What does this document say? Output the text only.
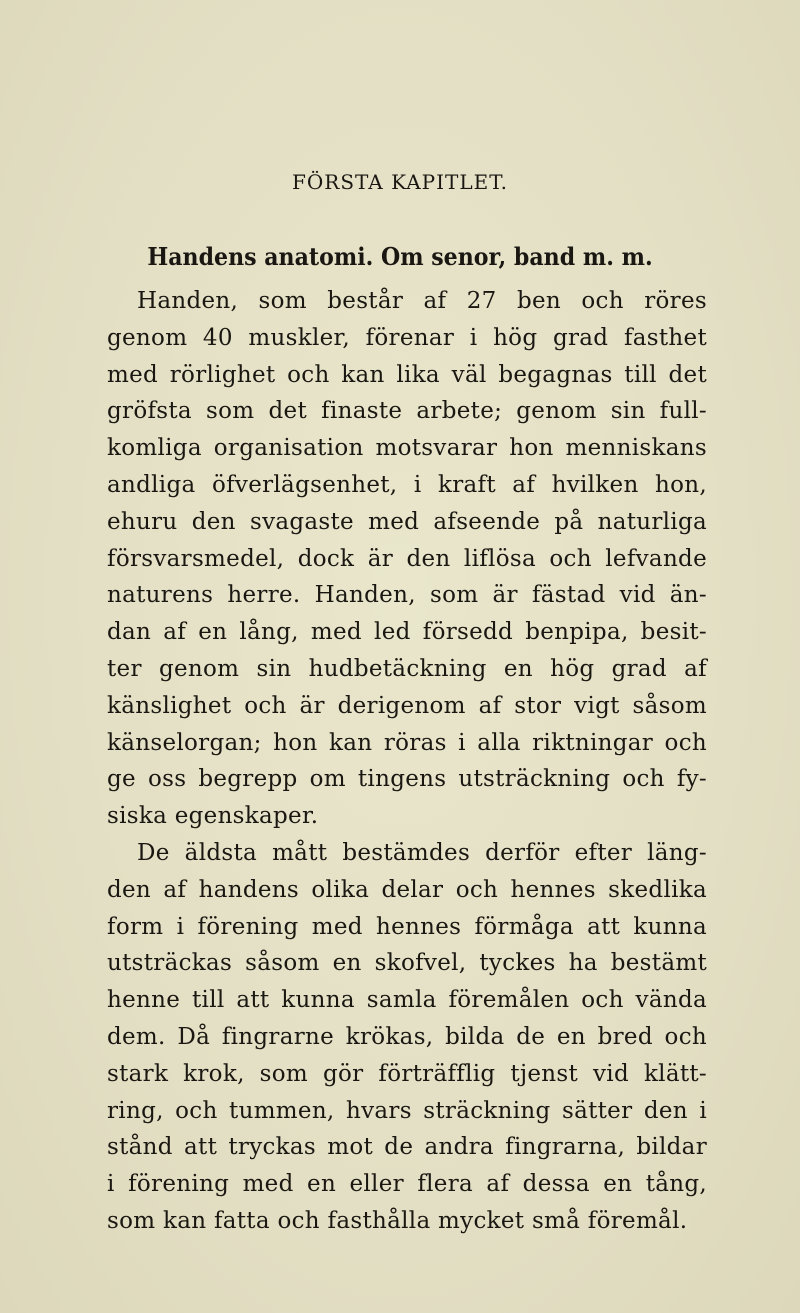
FÖRSTA KAPITLET.
Handens anatomi. Om senor, band m. m.
Handen, som består af 27 ben och röres
genom 40 muskler, förenar i hög grad fasthet
med rörlighet och kan lika väl begagnas till det
gröfsta som det finaste arbete; genom sin full-
komliga organisation motsvarar hon menniskans
andliga öfverlägsenhet, i kraft af hvilken hon,
ehuru den svagaste med afseende på naturliga
försvarsmedel, dock är den liflösa och lefvande
naturens herre. Handen, som är fästad vid än-
dan af en lång, med led försedd benpipa, besit-
ter genom sin hudbetäckning en hög grad af
känslighet och är derigenom af stor vigt såsom
känselorgan; hon kan röras i alla riktningar och
ge oss begrepp om tingens utsträckning och fy-
siska egenskaper.
De äldsta mått bestämdes derför efter läng-
den af handens olika delar och hennes skedlika
form i förening med hennes förmåga att kunna
utsträckas såsom en skofvel, tyckes ha bestämt
henne till att kunna samla föremålen och vända
dem. Då fingrarne krökas, bilda de en bred och
stark krok, som gör förträfflig tjenst vid klätt-
ring, och tummen, hvars sträckning sätter den i
stånd att tryckas mot de andra fingrarna, bildar
i förening med en eller flera af dessa en tång,
som kan fatta och fasthålla mycket små föremål.
